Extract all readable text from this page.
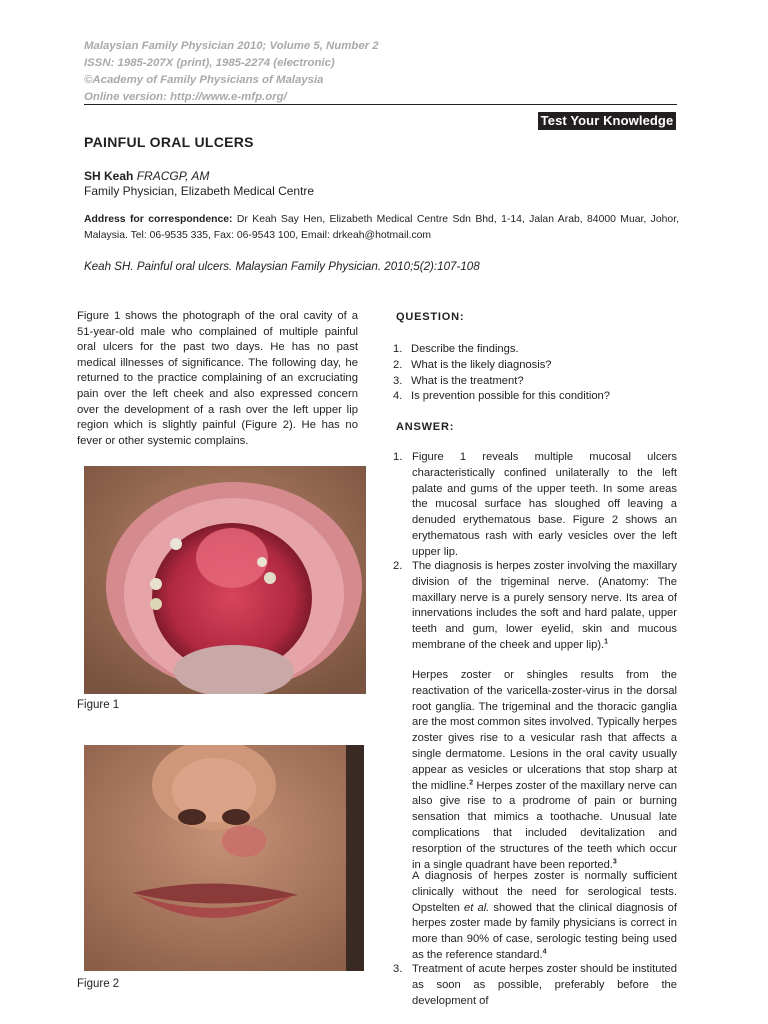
Malaysian Family Physician 2010; Volume 5, Number 2
ISSN: 1985-207X (print), 1985-2274 (electronic)
©Academy of Family Physicians of Malaysia
Online version: http://www.e-mfp.org/
Test Your Knowledge
PAINFUL ORAL ULCERS
SH Keah FRACGP, AM
Family Physician, Elizabeth Medical Centre
Address for correspondence: Dr Keah Say Hen, Elizabeth Medical Centre Sdn Bhd, 1-14, Jalan Arab, 84000 Muar, Johor, Malaysia. Tel: 06-9535 335, Fax: 06-9543 100, Email: drkeah@hotmail.com
Keah SH. Painful oral ulcers. Malaysian Family Physician. 2010;5(2):107-108
Figure 1 shows the photograph of the oral cavity of a 51-year-old male who complained of multiple painful oral ulcers for the past two days. He has no past medical illnesses of significance. The following day, he returned to the practice complaining of an excruciating pain over the left cheek and also expressed concern over the development of a rash over the left upper lip region which is slightly painful (Figure 2). He has no fever or other systemic complains.
Figure 1
Figure 2
QUESTION:
1. Describe the findings.
2. What is the likely diagnosis?
3. What is the treatment?
4. Is prevention possible for this condition?
ANSWER:
1. Figure 1 reveals multiple mucosal ulcers characteristically confined unilaterally to the left palate and gums of the upper teeth. In some areas the mucosal surface has sloughed off leaving a denuded erythematous base. Figure 2 shows an erythematous rash with early vesicles over the left upper lip.
2. The diagnosis is herpes zoster involving the maxillary division of the trigeminal nerve. (Anatomy: The maxillary nerve is a purely sensory nerve. Its area of innervations includes the soft and hard palate, upper teeth and gum, lower eyelid, skin and mucous membrane of the cheek and upper lip).$^1$
Herpes zoster or shingles results from the reactivation of the varicella-zoster-virus in the dorsal root ganglia. The trigeminal and the thoracic ganglia are the most common sites involved. Typically herpes zoster gives rise to a vesicular rash that affects a single dermatome. Lesions in the oral cavity usually appear as vesicles or ulcerations that stop sharp at the midline.$^2$ Herpes zoster of the maxillary nerve can also give rise to a prodrome of pain or burning sensation that mimics a toothache. Unusual late complications that included devitalization and resorption of the structures of the teeth which occur in a single quadrant have been reported.$^3$
A diagnosis of herpes zoster is normally sufficient clinically without the need for serological tests. Opstelten et al. showed that the clinical diagnosis of herpes zoster made by family physicians is correct in more than 90% of case, serologic testing being used as the reference standard.$^4$
3. Treatment of acute herpes zoster should be instituted as soon as possible, preferably before the development of
